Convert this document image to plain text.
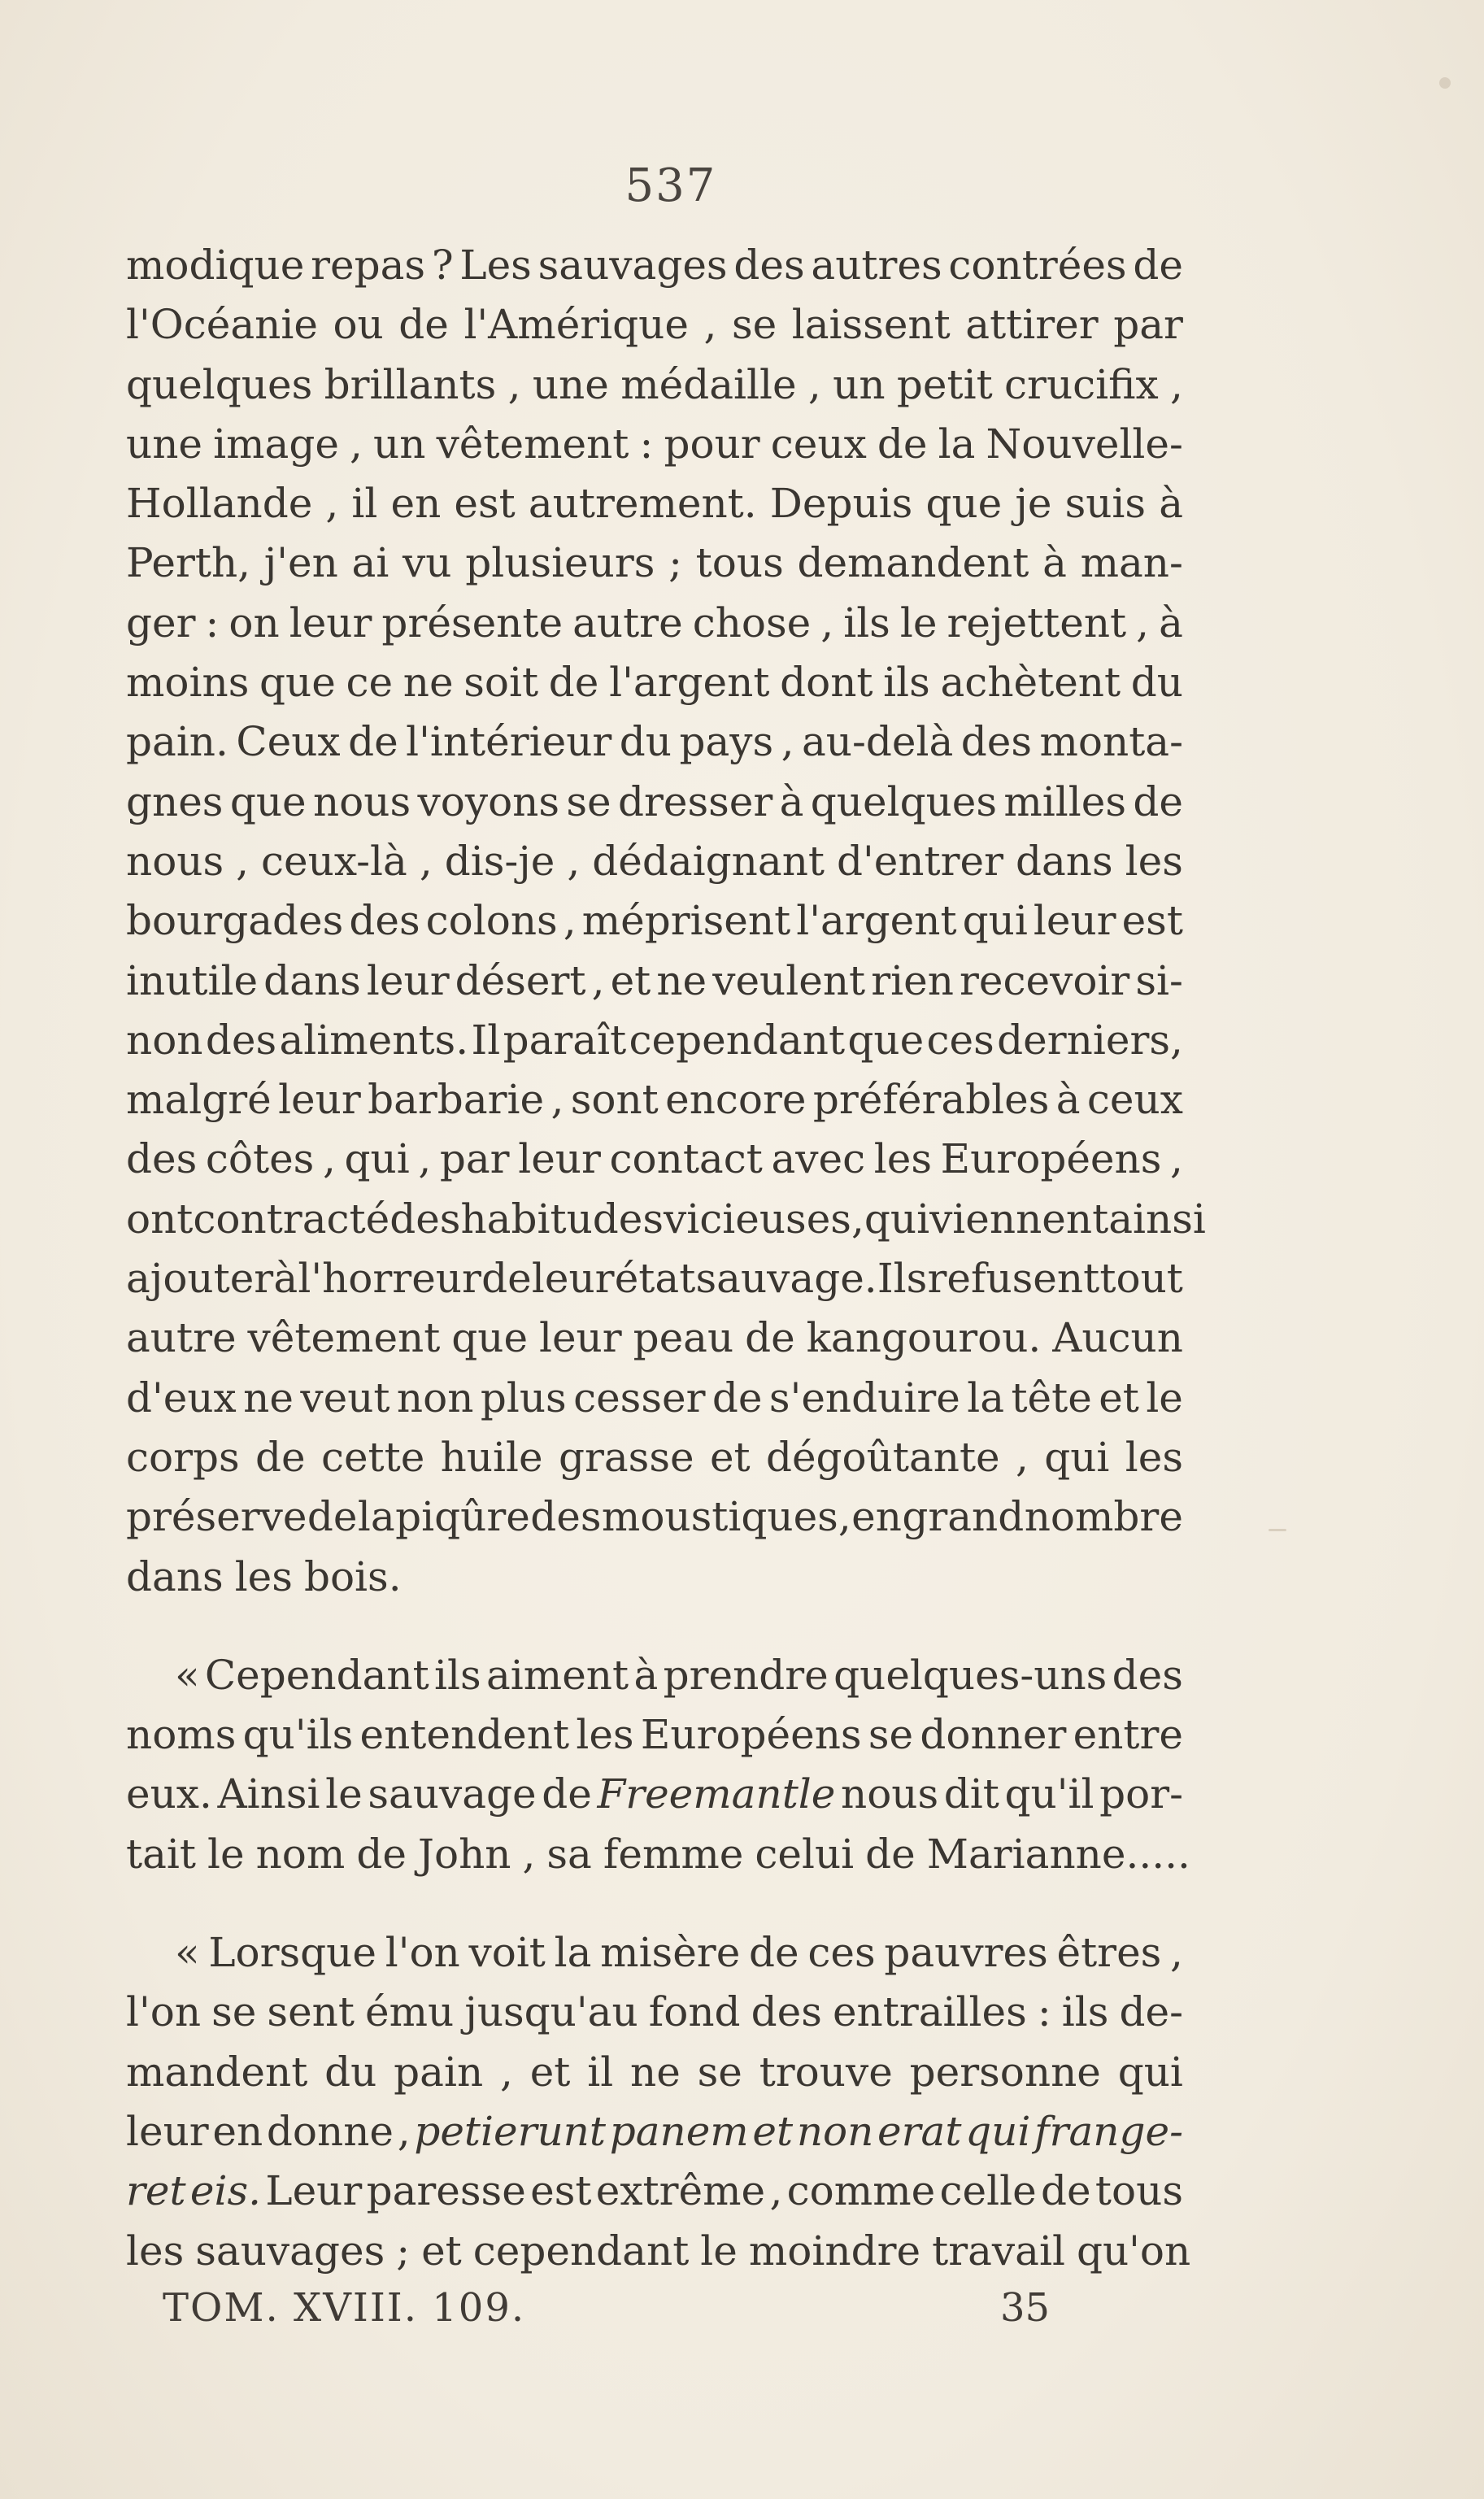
537
modique repas ? Les sauvages des autres contrées de
l'Océanie ou de l'Amérique , se laissent attirer par
quelques brillants , une médaille , un petit crucifix ,
une image , un vêtement : pour ceux de la Nouvelle-
Hollande , il en est autrement. Depuis que je suis à
Perth, j'en ai vu plusieurs ; tous demandent à man-
ger : on leur présente autre chose , ils le rejettent , à
moins que ce ne soit de l'argent dont ils achètent du
pain. Ceux de l'intérieur du pays , au-delà des monta-
gnes que nous voyons se dresser à quelques milles de
nous , ceux-là , dis-je , dédaignant d'entrer dans les
bourgades des colons , méprisent l'argent qui leur est
inutile dans leur désert , et ne veulent rien recevoir si-
non des aliments. Il paraît cependant que ces derniers,
malgré leur barbarie , sont encore préférables à ceux
des côtes , qui , par leur contact avec les Européens ,
ont contracté des habitudes vicieuses, qui viennent ainsi
ajouter à l'horreur de leur état sauvage. Ils refusent tout
autre vêtement que leur peau de kangourou. Aucun
d'eux ne veut non plus cesser de s'enduire la tête et le
corps de cette huile grasse et dégoûtante , qui les
préserve de la piqûre des moustiques, en grand nombre
dans les bois.
« Cependant ils aiment à prendre quelques-uns des
noms qu'ils entendent les Européens se donner entre
eux. Ainsi le sauvage de Freemantle nous dit qu'il por-
tait le nom de John , sa femme celui de Marianne.....
« Lorsque l'on voit la misère de ces pauvres êtres ,
l'on se sent ému jusqu'au fond des entrailles : ils de-
mandent du pain , et il ne se trouve personne qui
leur en donne , petierunt panem et non erat qui frange-
ret eis. Leur paresse est extrême , comme celle de tous
les sauvages ; et cependant le moindre travail qu'on
TOM. XVIII. 109.	35
